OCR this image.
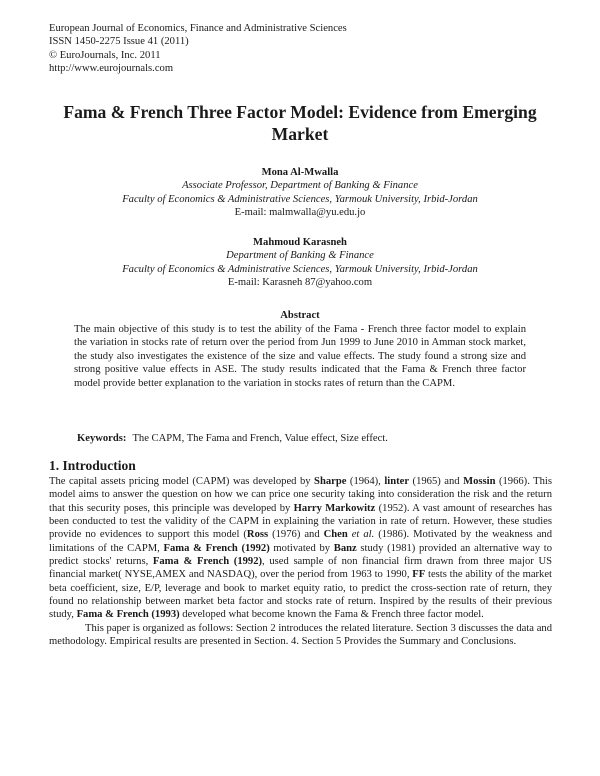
European Journal of Economics, Finance and Administrative Sciences
ISSN 1450-2275 Issue 41 (2011)
© EuroJournals, Inc. 2011
http://www.eurojournals.com
Fama & French Three Factor Model: Evidence from Emerging Market
Mona Al-Mwalla
Associate Professor, Department of Banking & Finance
Faculty of Economics & Administrative Sciences, Yarmouk University, Irbid-Jordan
E-mail: malmwalla@yu.edu.jo
Mahmoud Karasneh
Department of Banking & Finance
Faculty of Economics & Administrative Sciences, Yarmouk University, Irbid-Jordan
E-mail: Karasneh 87@yahoo.com
Abstract
The main objective of this study is to test the ability of the Fama - French three factor model to explain the variation in stocks rate of return over the period from Jun 1999 to June 2010 in Amman stock market, the study also investigates the existence of the size and value effects. The study found a strong size and strong positive value effects in ASE. The study results indicated that the Fama & French three factor model provide better explanation to the variation in stocks rates of return than the CAPM.
Keywords: The CAPM, The Fama and French, Value effect, Size effect.
1. Introduction

The capital assets pricing model (CAPM) was developed by Sharpe (1964), linter (1965) and Mossin (1966). This model aims to answer the question on how we can price one security taking into consideration the risk and the return that this security poses, this principle was developed by Harry Markowitz (1952). A vast amount of researches has been conducted to test the validity of the CAPM in explaining the variation in rate of return. However, these studies provide no evidences to support this model (Ross (1976) and Chen et al. (1986). Motivated by the weakness and limitations of the CAPM, Fama & French (1992) motivated by Banz study (1981) provided an alternative way to predict stocks' returns, Fama & French (1992), used sample of non financial firm drawn from three major US financial market( NYSE,AMEX and NASDAQ), over the period from 1963 to 1990, FF tests the ability of the market beta coefficient, size, E/P, leverage and book to market equity ratio, to predict the cross-section rate of return, they found no relationship between market beta factor and stocks rate of return. Inspired by the results of their previous study, Fama & French (1993) developed what become known the Fama & French three factor model.

This paper is organized as follows: Section 2 introduces the related literature. Section 3 discusses the data and methodology. Empirical results are presented in Section. 4. Section 5 Provides the Summary and Conclusions.
